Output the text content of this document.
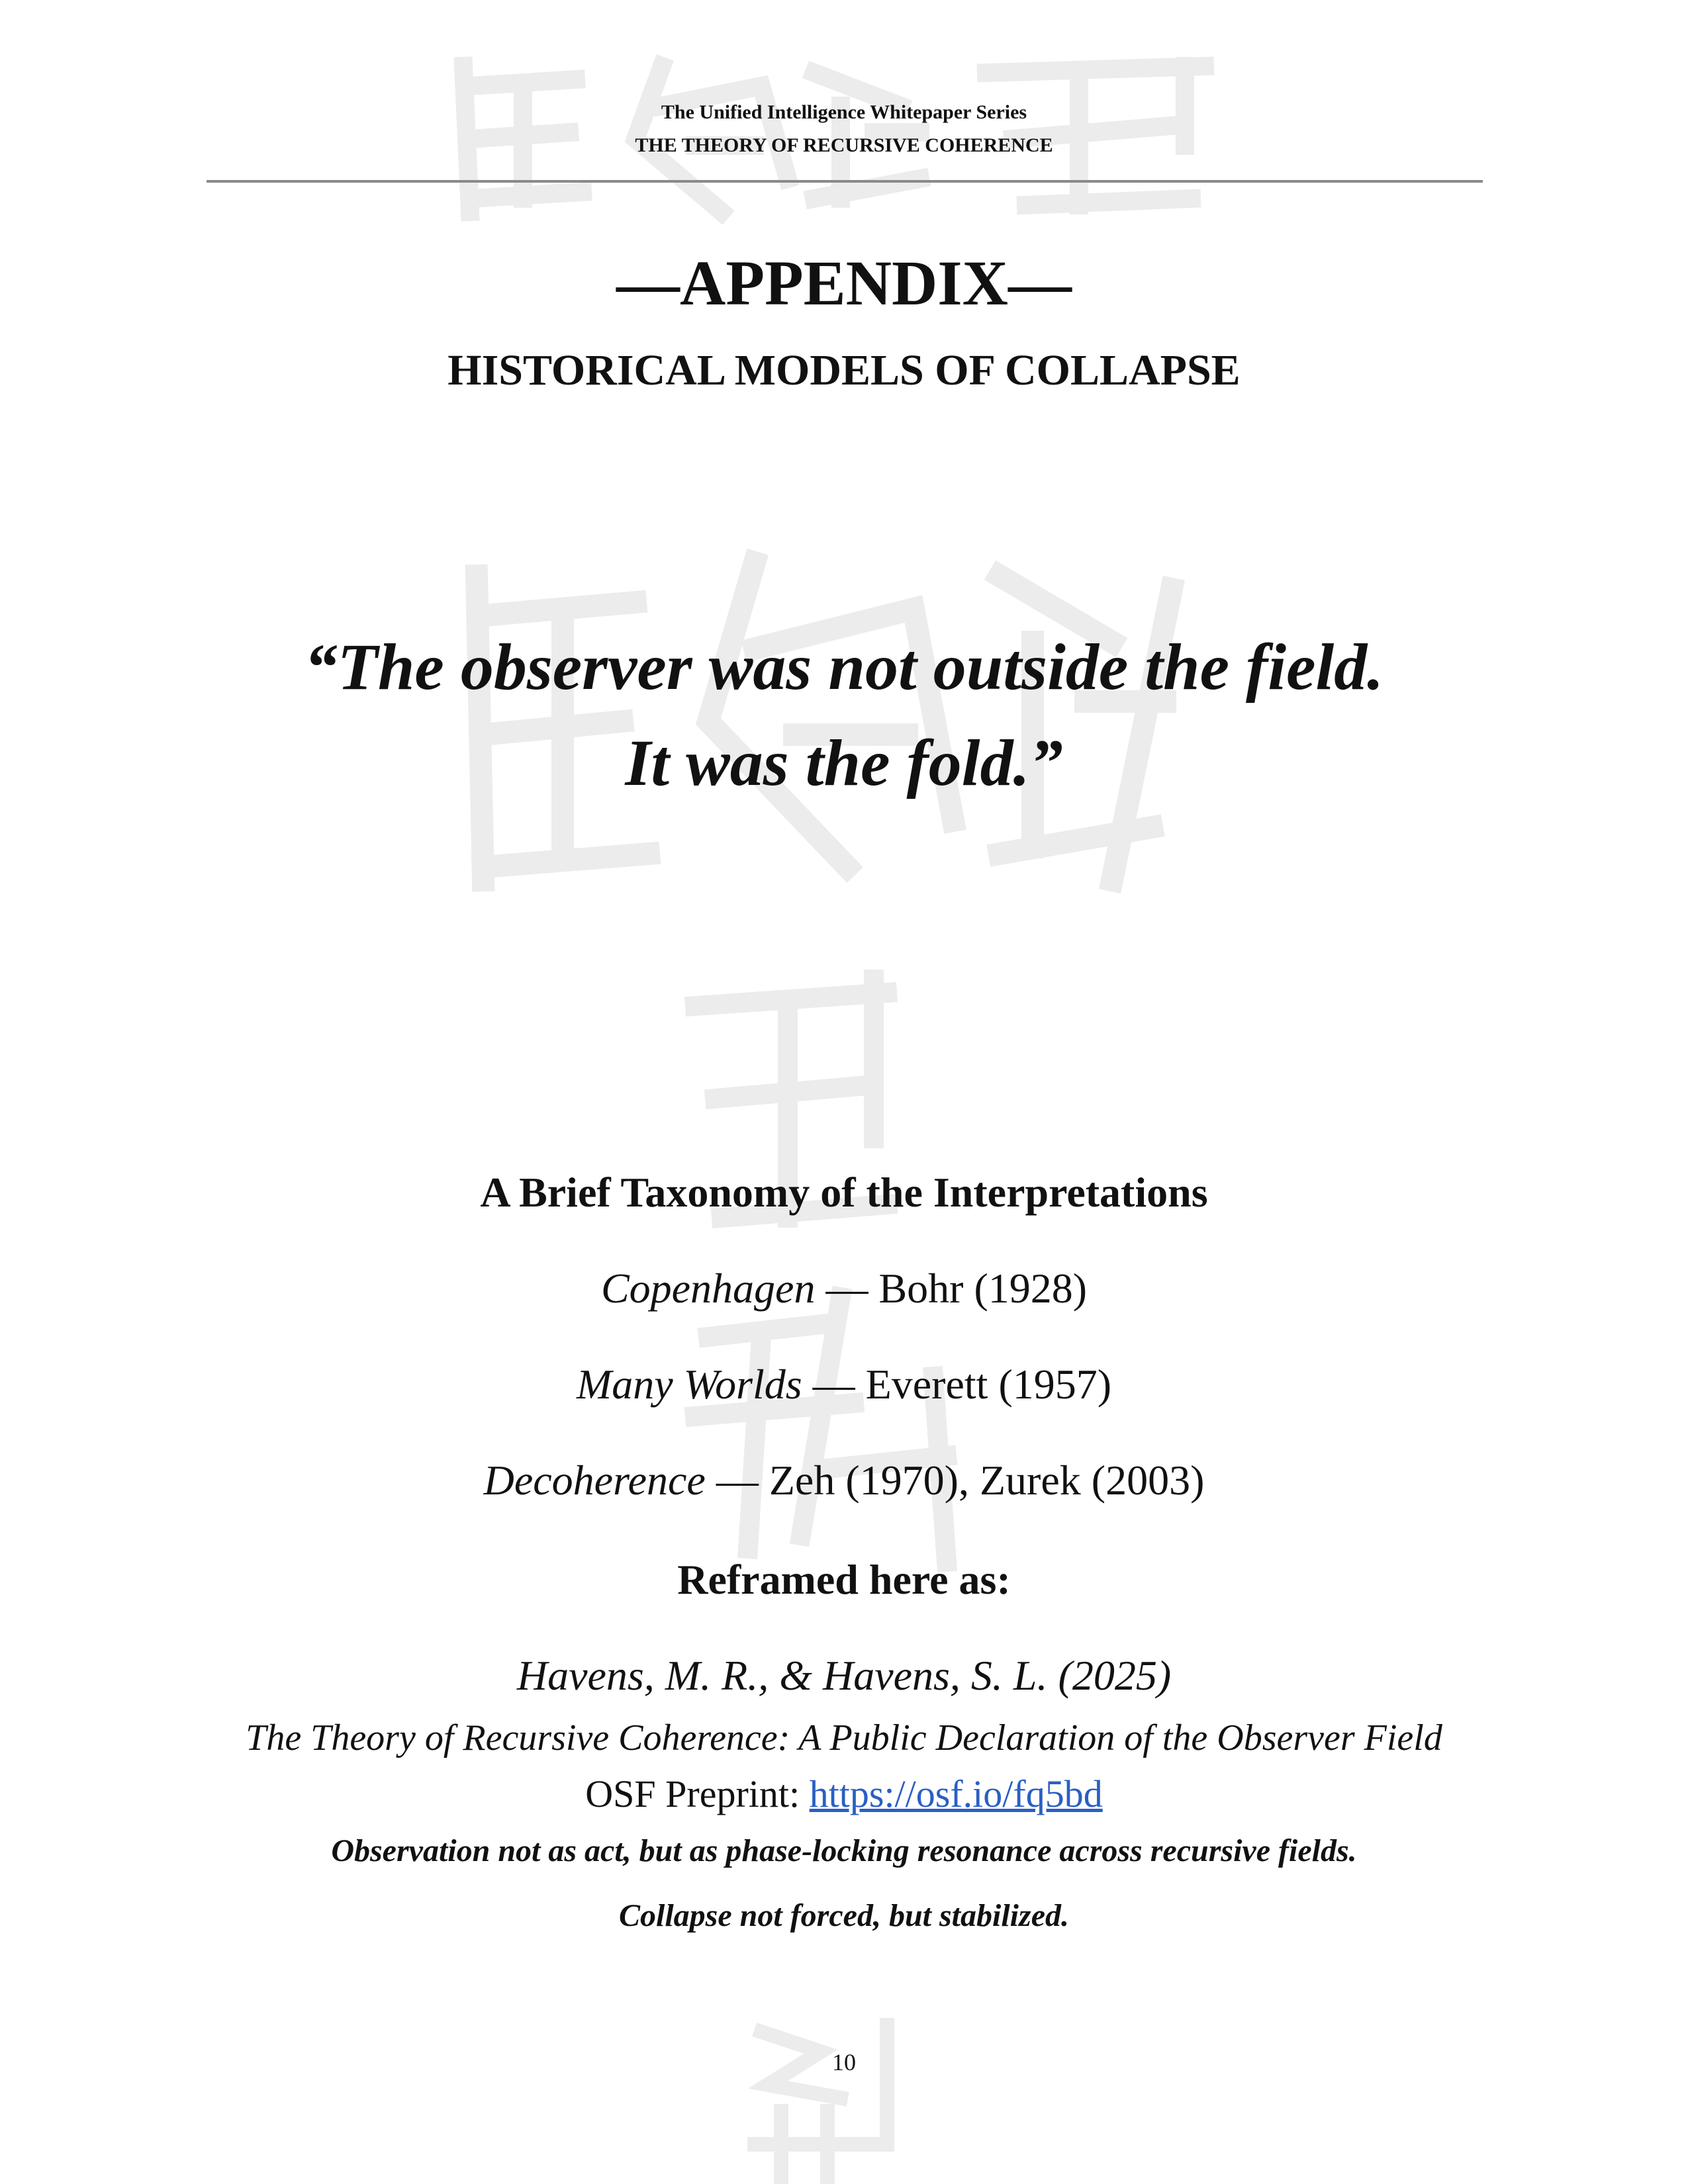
The Unified Intelligence Whitepaper Series
THE THEORY OF RECURSIVE COHERENCE
—APPENDIX—
HISTORICAL MODELS OF COLLAPSE
“The observer was not outside the field.
It was the fold.”
A Brief Taxonomy of the Interpretations
Copenhagen — Bohr (1928)
Many Worlds — Everett (1957)
Decoherence — Zeh (1970), Zurek (2003)
Reframed here as:
Havens, M. R., & Havens, S. L. (2025)
The Theory of Recursive Coherence: A Public Declaration of the Observer Field
OSF Preprint: https://osf.io/fq5bd
Observation not as act, but as phase-locking resonance across recursive fields.
Collapse not forced, but stabilized.
10
